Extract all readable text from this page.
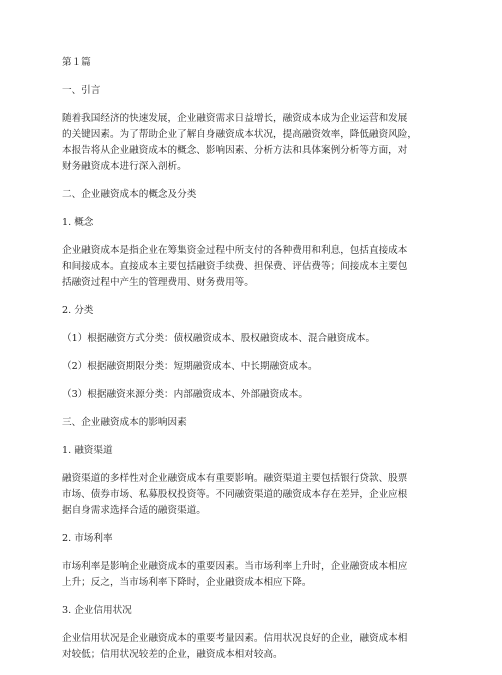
第１篇

一、引言

随着我国经济的快速发展，企业融资需求日益增长，融资成本成为企业运营和发展

的关键因素。为了帮助企业了解自身融资成本状况，提高融资效率，降低融资风险，

本报告将从企业融资成本的概念、影响因素、分析方法和具体案例分析等方面，对

财务融资成本进行深入剖析。

二、企业融资成本的概念及分类

1. 概念

企业融资成本是指企业在筹集资金过程中所支付的各种费用和利息，包括直接成本

和间接成本。直接成本主要包括融资手续费、担保费、评估费等；间接成本主要包

括融资过程中产生的管理费用、财务费用等。

2. 分类

（1）根据融资方式分类：债权融资成本、股权融资成本、混合融资成本。

（2）根据融资期限分类：短期融资成本、中长期融资成本。

（3）根据融资来源分类：内部融资成本、外部融资成本。

三、企业融资成本的影响因素

1. 融资渠道

融资渠道的多样性对企业融资成本有重要影响。融资渠道主要包括银行贷款、股票

市场、债券市场、私募股权投资等。不同融资渠道的融资成本存在差异，企业应根

据自身需求选择合适的融资渠道。

2. 市场利率

市场利率是影响企业融资成本的重要因素。当市场利率上升时，企业融资成本相应

上升；反之，当市场利率下降时，企业融资成本相应下降。

3. 企业信用状况

企业信用状况是企业融资成本的重要考量因素。信用状况良好的企业，融资成本相

对较低；信用状况较差的企业，融资成本相对较高。
